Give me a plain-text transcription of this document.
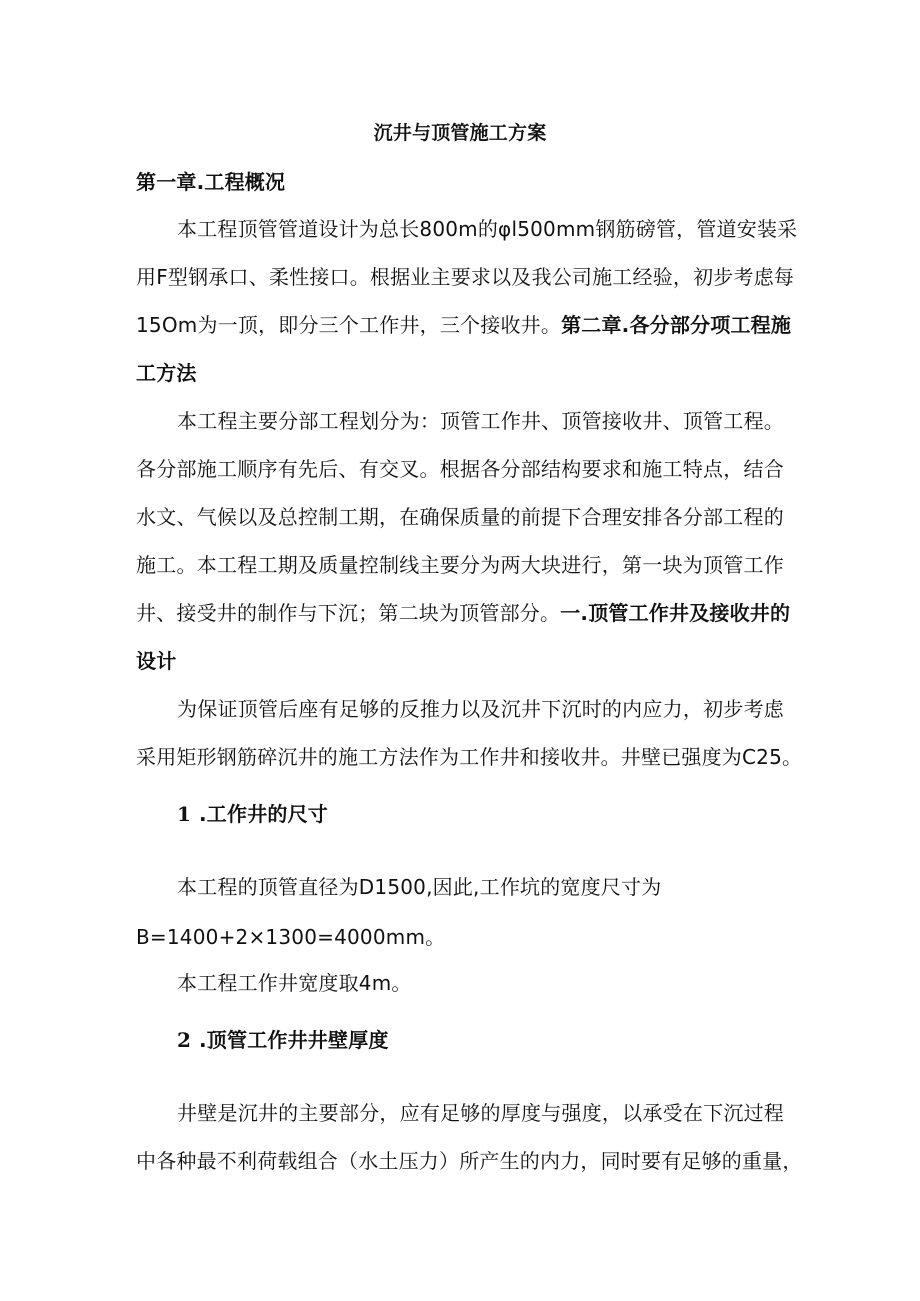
沉井与顶管施工方案
第一章.工程概况
本工程顶管管道设计为总长800m的φl500mm钢筋磅管，管道安装采
用F型钢承口、柔性接口。根据业主要求以及我公司施工经验，初步考虑每
15Om为一顶，即分三个工作井，三个接收井。第二章.各分部分项工程施
工方法
本工程主要分部工程划分为：顶管工作井、顶管接收井、顶管工程。
各分部施工顺序有先后、有交叉。根据各分部结构要求和施工特点，结合
水文、气候以及总控制工期，在确保质量的前提下合理安排各分部工程的
施工。本工程工期及质量控制线主要分为两大块进行，第一块为顶管工作
井、接受井的制作与下沉；第二块为顶管部分。一.顶管工作井及接收井的
设计
为保证顶管后座有足够的反推力以及沉井下沉时的内应力，初步考虑
采用矩形钢筋碎沉井的施工方法作为工作井和接收井。井壁已强度为C25。
1 .工作井的尺寸
本工程的顶管直径为D1500,因此,工作坑的宽度尺寸为
B=1400+2×1300=4000mm。
本工程工作井宽度取4m。
2 .顶管工作井井壁厚度
井壁是沉井的主要部分，应有足够的厚度与强度，以承受在下沉过程
中各种最不利荷载组合（水土压力）所产生的内力，同时要有足够的重量，
